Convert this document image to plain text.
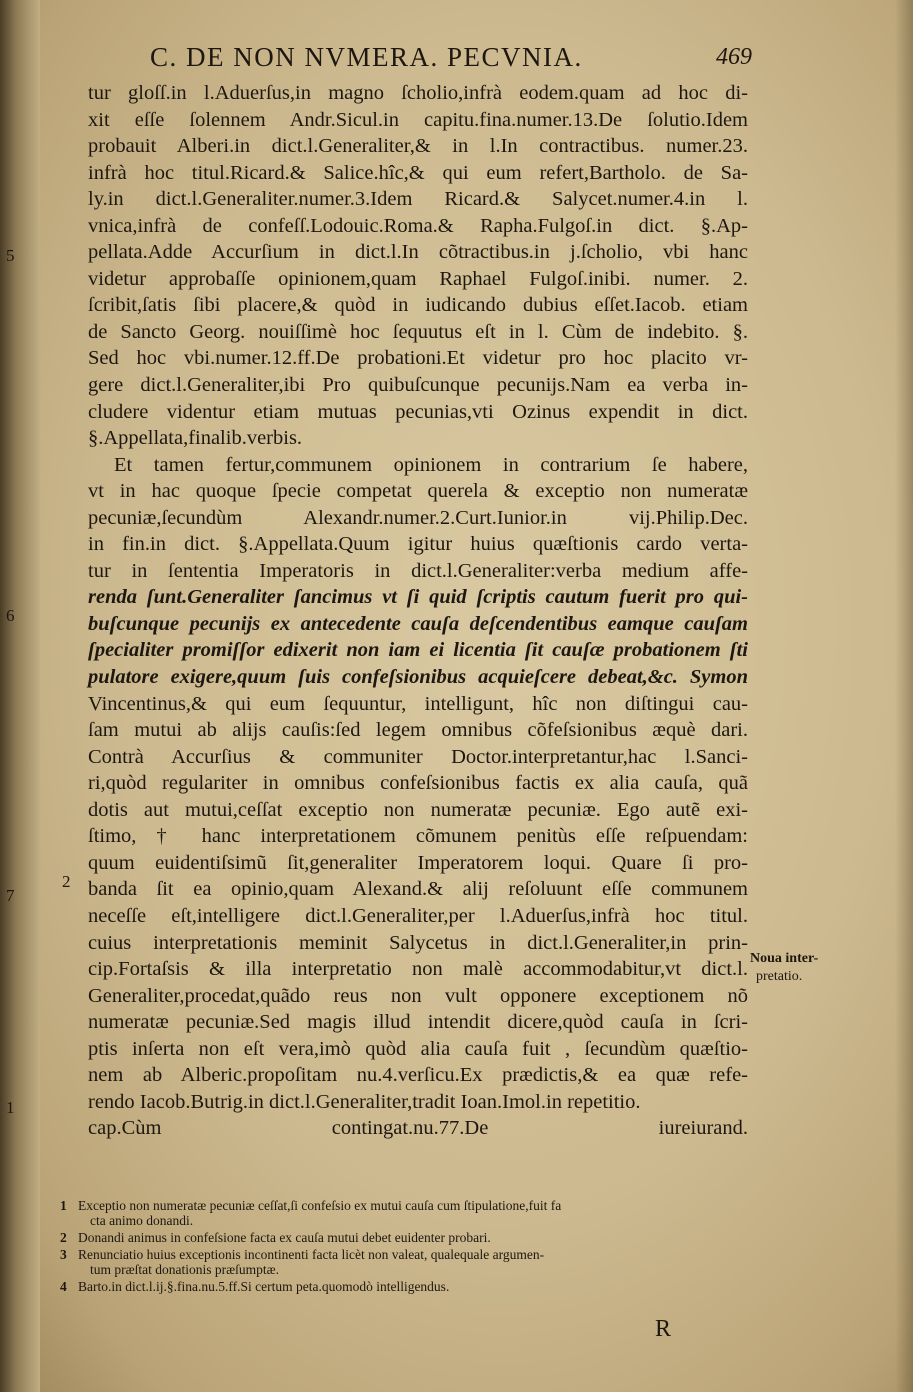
C. DE NON NVMERA. PECVNIA.	469
tur gloſſ.in l.Aduerſus,in magno ſcholio,infrà eodem.quam ad hoc di-
xit eſſe ſolennem Andr.Sicul.in capitu.fina.numer.13.De ſolutio.Idem
probauit Alberi.in dict.l.Generaliter,& in l.In contractibus. numer.23.
infrà hoc titul.Ricard.& Salice.hîc,& qui eum refert,Bartholo. de Sa-
ly.in dict.l.Generaliter.numer.3.Idem Ricard.& Salycet.numer.4.in l.
vnica,infrà de confeſſ.Lodouic.Roma.& Rapha.Fulgoſ.in dict. §.Ap-
pellata.Adde Accurſium in dict.l.In cõtractibus.in j.ſcholio, vbi hanc
videtur approbaſſe opinionem,quam Raphael Fulgoſ.inibi. numer. 2.
ſcribit,ſatis ſibi placere,& quòd in iudicando dubius eſſet.Iacob. etiam
de Sancto Georg. nouiſſimè hoc ſequutus eſt in l. Cùm de indebito. §.
Sed hoc vbi.numer.12.ff.De probationi.Et videtur pro hoc placito vr-
gere dict.l.Generaliter,ibi Pro quibuſcunque pecunijs.Nam ea verba in-
cludere videntur etiam mutuas pecunias,vti Ozinus expendit in dict.
§.Appellata,finalib.verbis.
Et tamen fertur,communem opinionem in contrarium ſe habere,
vt in hac quoque ſpecie competat querela & exceptio non numeratæ
pecuniæ,ſecundùm Alexandr.numer.2.Curt.Iunior.in vij.Philip.Dec.
in fin.in dict. §.Appellata.Quum igitur huius quæſtionis cardo verta-
tur in ſententia Imperatoris in dict.l.Generaliter:verba medium affe-
renda ſunt.Generaliter ſancimus vt ſi quid ſcriptis cautum fuerit pro qui-
buſcunque pecunijs ex antecedente cauſa deſcendentibus eamque cauſam
ſpecialiter promiſſor edixerit non iam ei licentia ſit cauſæ probationem ſti
pulatore exigere,quum ſuis confeſsionibus acquieſcere debeat,&c. Symon
Vincentinus,& qui eum ſequuntur, intelligunt, hîc non diſtingui cau-
ſam mutui ab alijs cauſis:ſed legem omnibus cõfeſsionibus æquè dari.
Contrà Accurſius & communiter Doctor.interpretantur,hac l.Sanci-
ri,quòd regulariter in omnibus confeſsionibus factis ex alia cauſa, quã
dotis aut mutui,ceſſat exceptio non numeratæ pecuniæ. Ego autẽ exi-
ſtimo, † hanc interpretationem cõmunem penitùs eſſe reſpuendam:
quum euidentiſsimũ ſit,generaliter Imperatorem loqui. Quare ſi pro-
banda ſit ea opinio,quam Alexand.& alij reſoluunt eſſe communem
neceſſe eſt,intelligere dict.l.Generaliter,per l.Aduerſus,infrà hoc titul.
cuius interpretationis meminit Salycetus in dict.l.Generaliter,in prin-
cip.Fortaſsis & illa interpretatio non malè accommodabitur,vt dict.l.
Generaliter,procedat,quãdo reus non vult opponere exceptionem nõ
numeratæ pecuniæ.Sed magis illud intendit dicere,quòd cauſa in ſcri-
ptis inſerta non eſt vera,imò quòd alia cauſa fuit , ſecundùm quæſtio-
nem ab Alberic.propoſitam nu.4.verſicu.Ex prædictis,& ea quæ refe-
rendo Iacob.Butrig.in dict.l.Generaliter,tradit Ioan.Imol.in repetitio.
cap.Cùm contingat.nu.77.De iureiurand.
5
6
2
7
1
Noua inter-
pretatio.
1 Exceptio non numeratæ pecuniæ ceſſat,ſi confeſsio ex mutui cauſa cum ſtipulatione,fuit fa
cta animo donandi.
2 Donandi animus in confeſsione facta ex cauſa mutui debet euidenter probari.
3 Renunciatio huius exceptionis incontinenti facta licèt non valeat, qualequale argumen-
tum præſtat donationis præſumptæ.
4 Barto.in dict.l.ij.§.fina.nu.5.ff.Si certum peta.quomodò intelligendus.
R
